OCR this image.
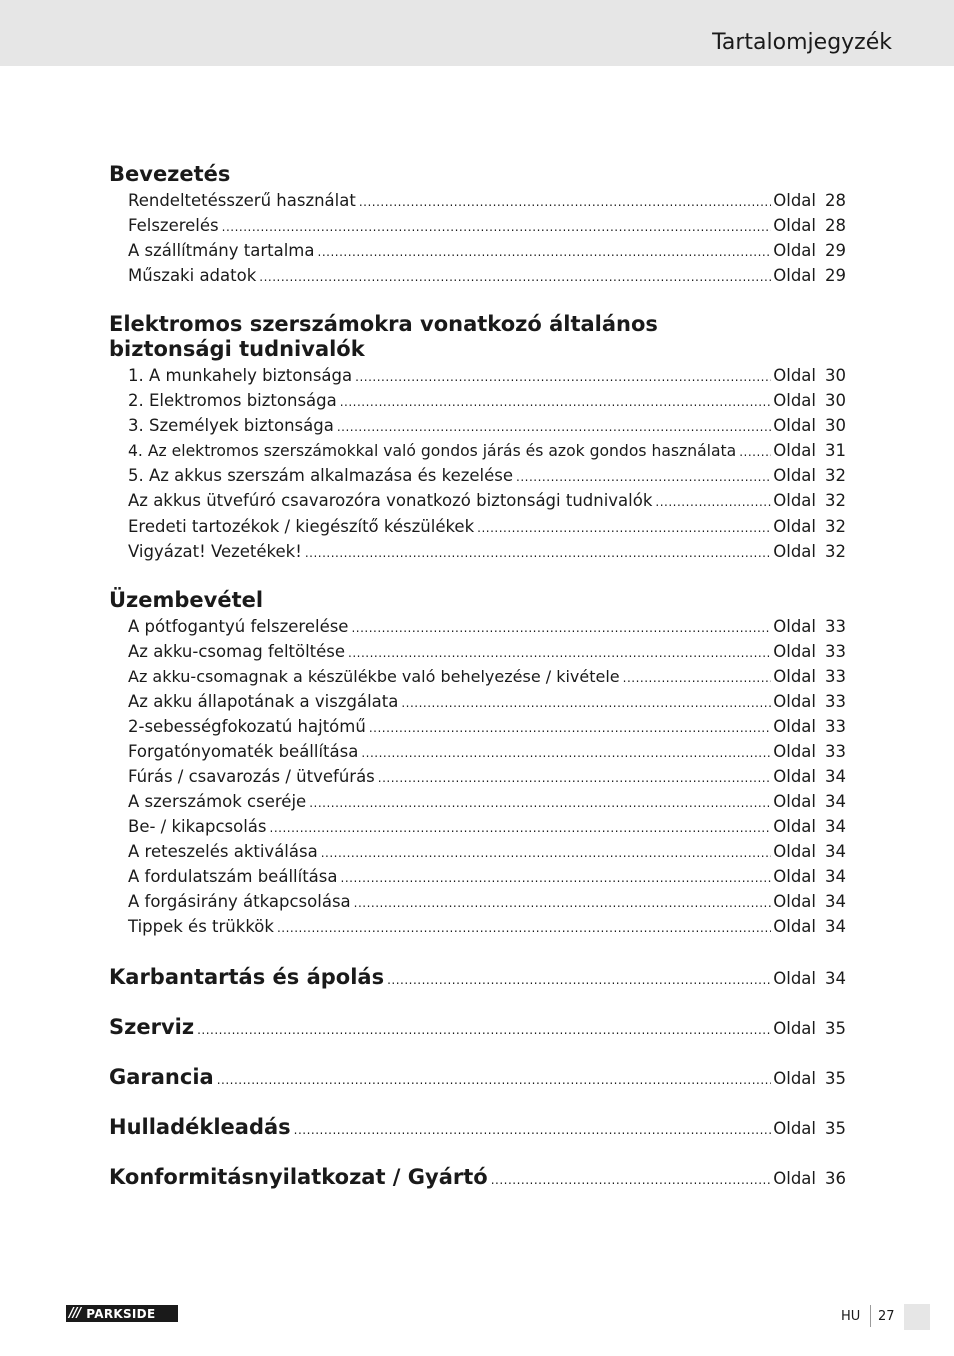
Tartalomjegyzék
Bevezetés
Rendeltetésszerű használat .....	Oldal 28
Felszerelés .....	Oldal 28
A szállítmány tartalma .....	Oldal 29
Műszaki adatok .....	Oldal 29
Elektromos szerszámokra vonatkozó általános
biztonsági tudnivalók
1. A munkahely biztonsága .....	Oldal 30
2. Elektromos biztonsága .....	Oldal 30
3. Személyek biztonsága .....	Oldal 30
4. Az elektromos szerszámokkal való gondos járás és azok gondos használata ..... Oldal 31
5. Az akkus szerszám alkalmazása és kezelése .....	Oldal 32
Az akkus ütvefúró csavarozóra vonatkozó biztonsági tudnivalók .....	Oldal 32
Eredeti tartozékok / kiegészítő készülékek .....	Oldal 32
Vigyázat! Vezetékek! .....	Oldal 32
Üzembevétel
A pótfogantyú felszerelése .....	Oldal 33
Az akku-csomag feltöltése .....	Oldal 33
Az akku-csomagnak a készülékbe való behelyezése / kivétele .....	Oldal 33
Az akku állapotának a viszgálata .....	Oldal 33
2-sebességfokozatú hajtómű .....	Oldal 33
Forgatónyomaték beállítása .....	Oldal 33
Fúrás / csavarozás / ütvefúrás .....	Oldal 34
A szerszámok cseréje .....	Oldal 34
Be- / kikapcsolás .....	Oldal 34
A reteszelés aktiválása .....	Oldal 34
A fordulatszám beállítása .....	Oldal 34
A forgásirány átkapcsolása .....	Oldal 34
Tippek és trükkök .....	Oldal 34
Karbantartás és ápolás .....	Oldal 34
Szerviz .....	Oldal 35
Garancia .....	Oldal 35
Hulladékleadás .....	Oldal 35
Konformitásnyilatkozat / Gyártó .....	Oldal 36
/// PARKSIDE	HU 27
